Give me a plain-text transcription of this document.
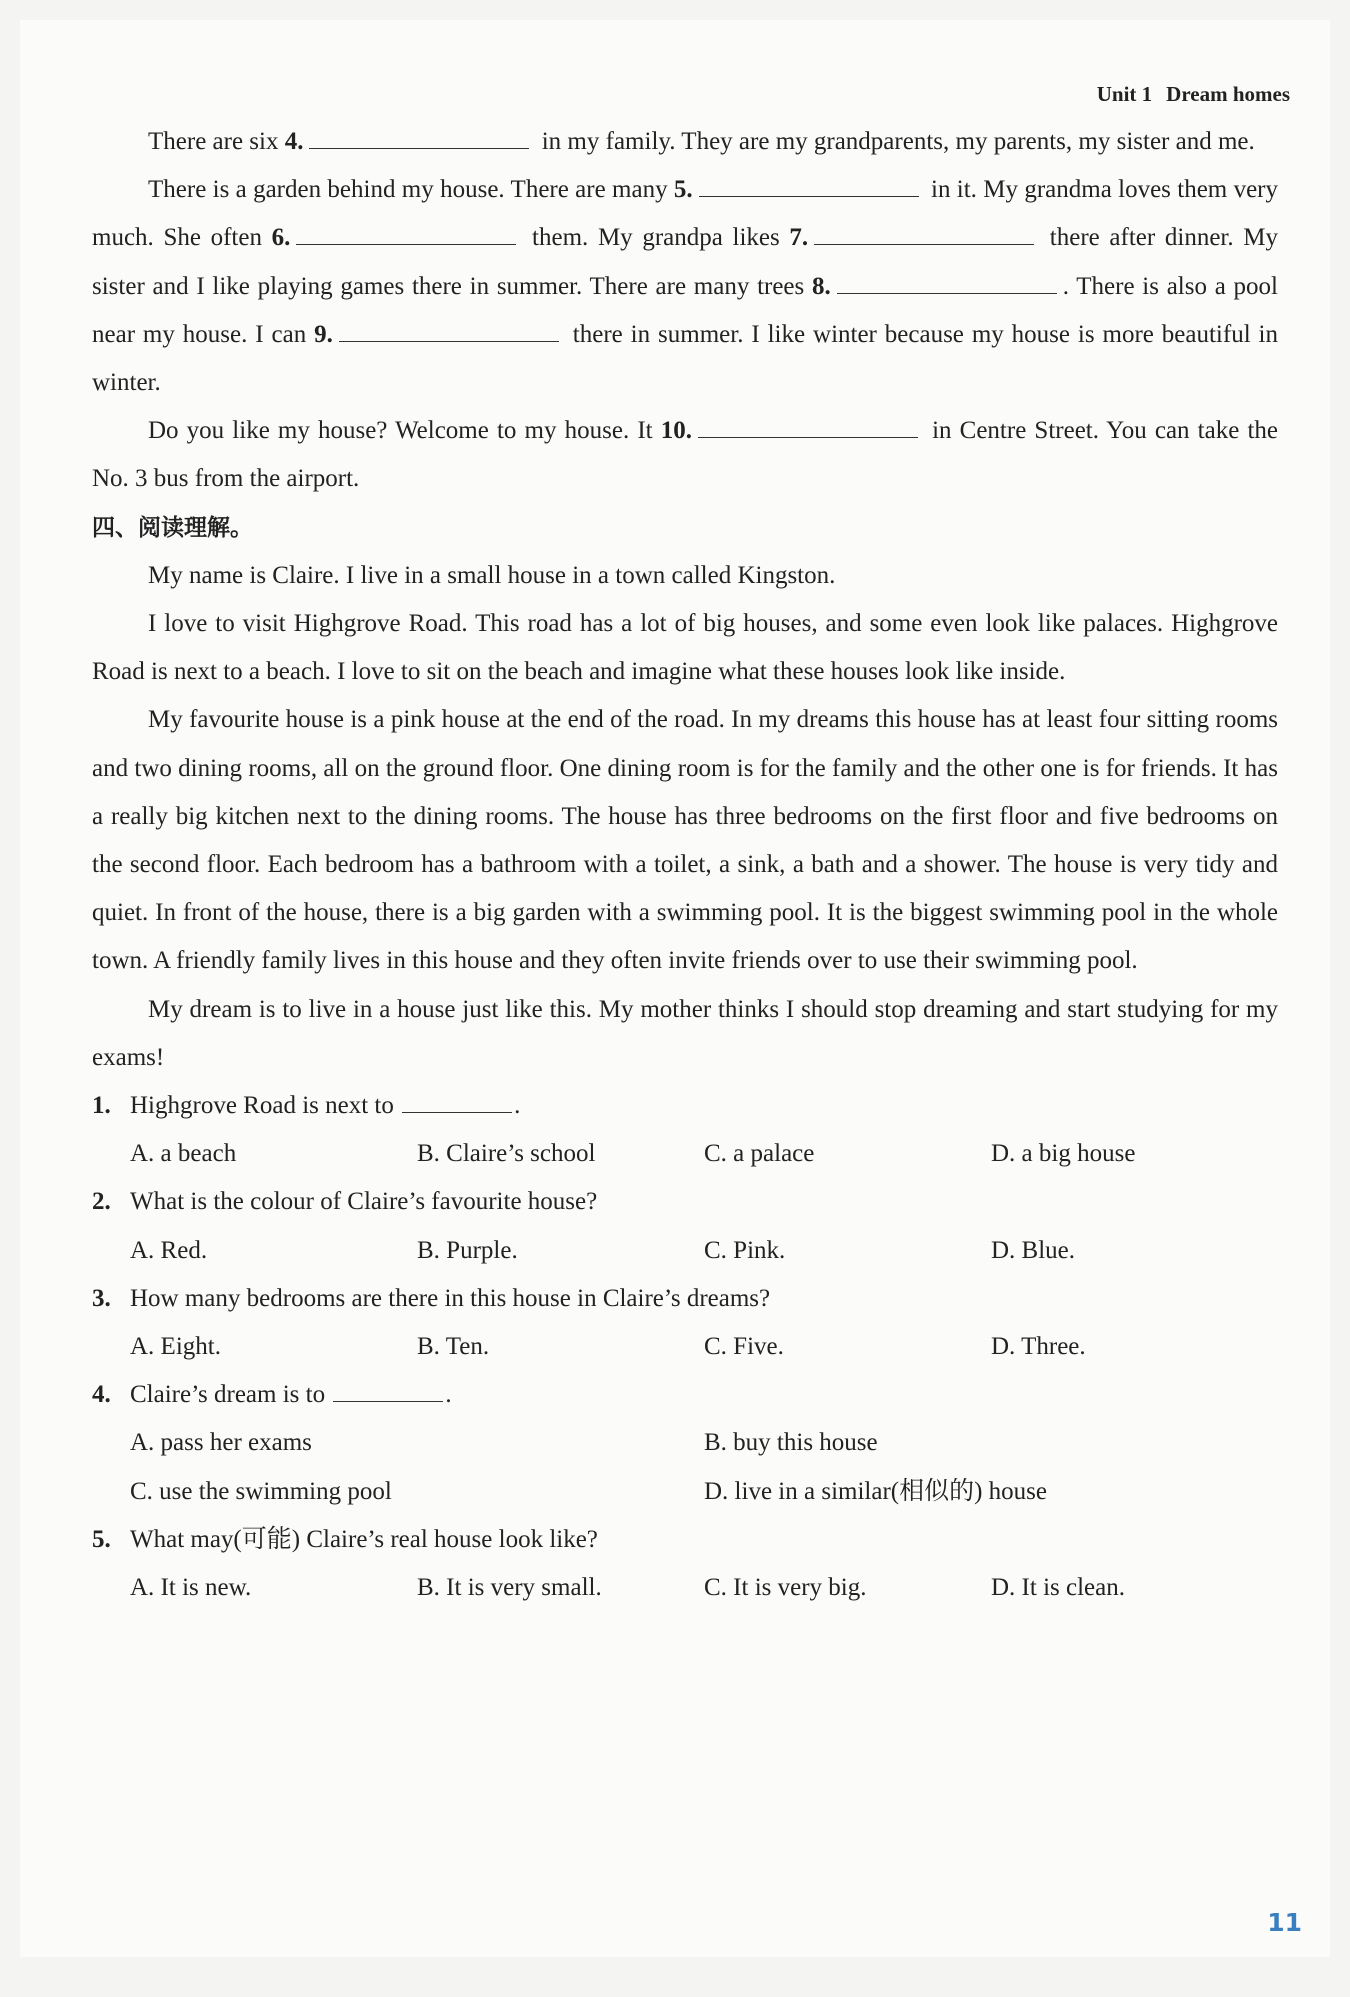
Unit 1 Dream homes

There are six 4.	in my family. They are my grandparents, my parents, my sister and me.

There is a garden behind my house. There are many 5.	in it. My grandma loves them very much. She often 6.	them. My grandpa likes 7.	there after dinner. My sister and I like playing games there in summer. There are many trees 8.	. There is also a pool near my house. I can 9.	there in summer. I like winter because my house is more beautiful in winter.

Do you like my house? Welcome to my house. It 10.	in Centre Street. You can take the No. 3 bus from the airport.

四、阅读理解。

My name is Claire. I live in a small house in a town called Kingston.

I love to visit Highgrove Road. This road has a lot of big houses, and some even look like palaces. Highgrove Road is next to a beach. I love to sit on the beach and imagine what these houses look like inside.

My favourite house is a pink house at the end of the road. In my dreams this house has at least four sitting rooms and two dining rooms, all on the ground floor. One dining room is for the family and the other one is for friends. It has a really big kitchen next to the dining rooms. The house has three bedrooms on the first floor and five bedrooms on the second floor. Each bedroom has a bathroom with a toilet, a sink, a bath and a shower. The house is very tidy and quiet. In front of the house, there is a big garden with a swimming pool. It is the biggest swimming pool in the whole town. A friendly family lives in this house and they often invite friends over to use their swimming pool.

My dream is to live in a house just like this. My mother thinks I should stop dreaming and start studying for my exams!

1. Highgrove Road is next to	.
A. a beach	B. Claire’s school	C. a palace	D. a big house
2. What is the colour of Claire’s favourite house?
A. Red.	B. Purple.	C. Pink.	D. Blue.
3. How many bedrooms are there in this house in Claire’s dreams?
A. Eight.	B. Ten.	C. Five.	D. Three.
4. Claire’s dream is to	.
A. pass her exams	B. buy this house
C. use the swimming pool	D. live in a similar(相似的) house
5. What may(可能) Claire’s real house look like?
A. It is new.	B. It is very small.	C. It is very big.	D. It is clean.
11
